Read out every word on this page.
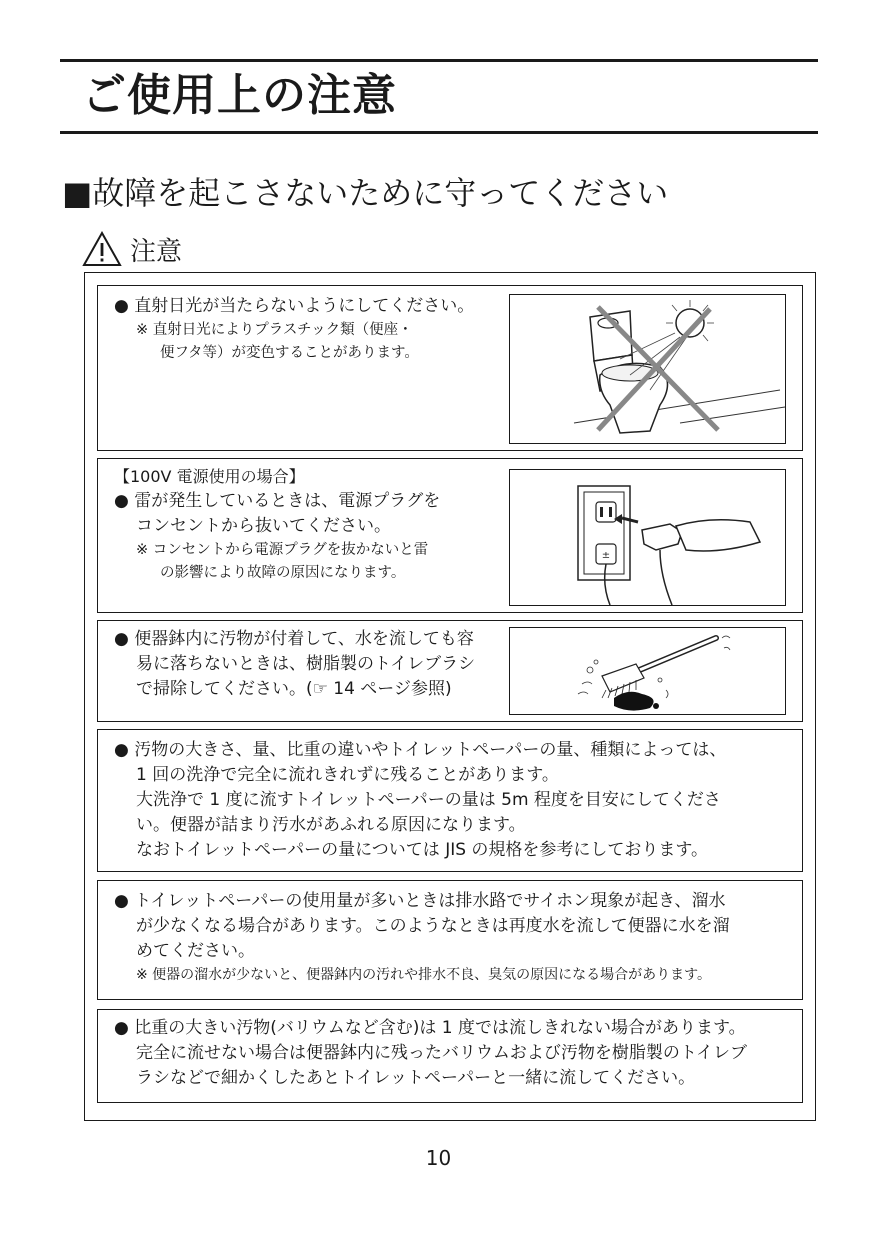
ご使用上の注意
■故障を起こさないために守ってください
注意
● 直射日光が当たらないようにしてください。
※ 直射日光によりプラスチック類（便座・
便フタ等）が変色することがあります。
【100V 電源使用の場合】
● 雷が発生しているときは、電源プラグを
コンセントから抜いてください。
※ コンセントから電源プラグを抜かないと雷
の影響により故障の原因になります。
±
● 便器鉢内に汚物が付着して、水を流しても容
易に落ちないときは、樹脂製のトイレブラシ
で掃除してください。(☞ 14 ページ参照)
● 汚物の大きさ、量、比重の違いやトイレットペーパーの量、種類によっては、
1 回の洗浄で完全に流れきれずに残ることがあります。
大洗浄で 1 度に流すトイレットペーパーの量は 5m 程度を目安にしてくださ
い。便器が詰まり汚水があふれる原因になります。
なおトイレットペーパーの量については JIS の規格を参考にしております。
● トイレットペーパーの使用量が多いときは排水路でサイホン現象が起き、溜水
が少なくなる場合があります。このようなときは再度水を流して便器に水を溜
めてください。
※ 便器の溜水が少ないと、便器鉢内の汚れや排水不良、臭気の原因になる場合があります。
● 比重の大きい汚物(バリウムなど含む)は 1 度では流しきれない場合があります。
完全に流せない場合は便器鉢内に残ったバリウムおよび汚物を樹脂製のトイレブ
ラシなどで細かくしたあとトイレットペーパーと一緒に流してください。
10
